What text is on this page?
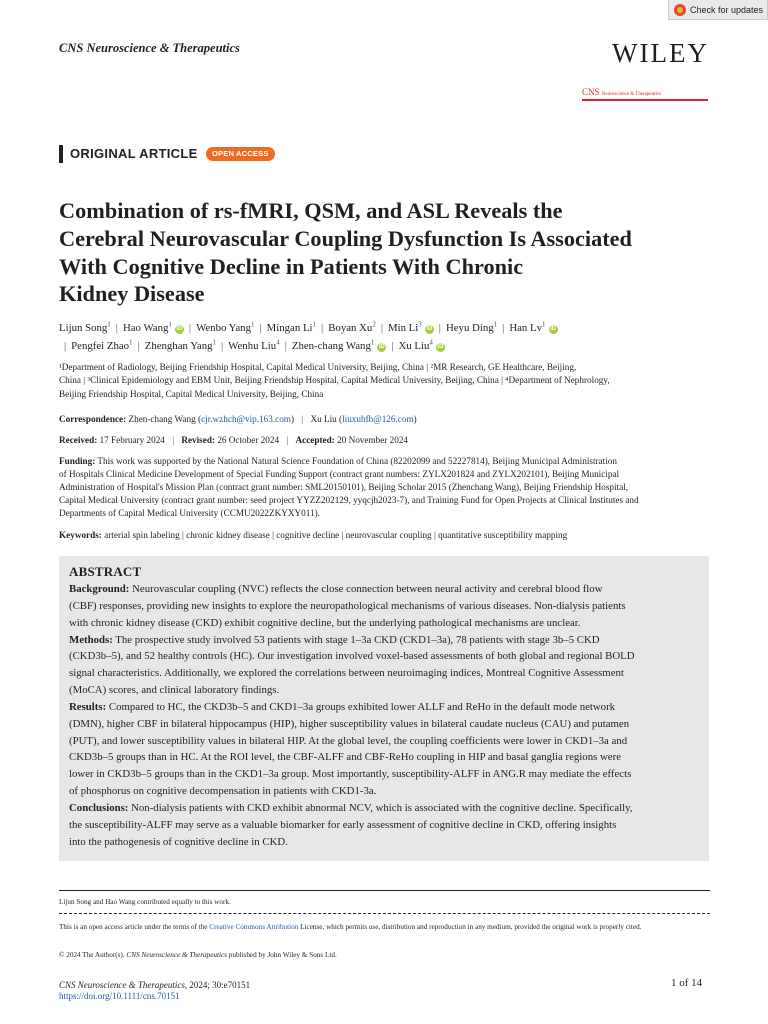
Check for updates
CNS Neuroscience & Therapeutics	WILEY
CNS Neuroscience & Therapeutics
ORIGINAL ARTICLE	OPEN ACCESS
Combination of rs-fMRI, QSM, and ASL Reveals the
Cerebral Neurovascular Coupling Dysfunction Is Associated
With Cognitive Decline in Patients With Chronic
Kidney Disease

Lijun Song$^1$ | Hao Wang$^1$iD | Wenbo Yang$^1$ | Mingan Li$^1$ | Boyan Xu$^2$ | Min Li$^3$iD | Heyu Ding$^1$ | Han Lv$^1$iD
| Pengfei Zhao$^1$ | Zhenghan Yang$^1$ | Wenhu Liu$^4$ | Zhen-chang Wang$^1$iD | Xu Liu$^4$iD

¹Department of Radiology, Beijing Friendship Hospital, Capital Medical University, Beijing, China | ²MR Research, GE Healthcare, Beijing,
China | ³Clinical Epidemiology and EBM Unit, Beijing Friendship Hospital, Capital Medical University, Beijing, China | ⁴Department of Nephrology,
Beijing Friendship Hospital, Capital Medical University, Beijing, China
Correspondence: Zhen-chang Wang (cjr.wzhch@vip.163.com) | Xu Liu (liuxubfh@126.com)
Received: 17 February 2024 | Revised: 26 October 2024 | Accepted: 20 November 2024
Funding: This work was supported by the National Natural Science Foundation of China (82202099 and 52227814), Beijing Municipal Administration
of Hospitals Clinical Medicine Development of Special Funding Support (contract grant numbers: ZYLX201824 and ZYLX202101), Beijing Municipal
Administration of Hospital's Mission Plan (contract grant number: SML20150101), Beijing Scholar 2015 (Zhenchang Wang), Beijing Friendship Hospital,
Capital Medical University (contract grant number: seed project YYZZ202129, yyqcjh2023-7), and Training Fund for Open Projects at Clinical Institutes and
Departments of Capital Medical University (CCMU2022ZKYXY011).
Keywords: arterial spin labeling | chronic kidney disease | cognitive decline | neurovascular coupling | quantitative susceptibility mapping
ABSTRACT
Background: Neurovascular coupling (NVC) reflects the close connection between neural activity and cerebral blood flow
(CBF) responses, providing new insights to explore the neuropathological mechanisms of various diseases. Non-dialysis patients
with chronic kidney disease (CKD) exhibit cognitive decline, but the underlying pathological mechanisms are unclear.
Methods: The prospective study involved 53 patients with stage 1–3a CKD (CKD1–3a), 78 patients with stage 3b–5 CKD
(CKD3b–5), and 52 healthy controls (HC). Our investigation involved voxel-based assessments of both global and regional BOLD
signal characteristics. Additionally, we explored the correlations between neuroimaging indices, Montreal Cognitive Assessment
(MoCA) scores, and clinical laboratory findings.
Results: Compared to HC, the CKD3b–5 and CKD1–3a groups exhibited lower ALLF and ReHo in the default mode network
(DMN), higher CBF in bilateral hippocampus (HIP), higher susceptibility values in bilateral caudate nucleus (CAU) and putamen
(PUT), and lower susceptibility values in bilateral HIP. At the global level, the coupling coefficients were lower in CKD1–3a and
CKD3b–5 groups than in HC. At the ROI level, the CBF-ALFF and CBF-ReHo coupling in HIP and basal ganglia regions were
lower in CKD3b–5 groups than in the CKD1–3a group. Most importantly, susceptibility-ALFF in ANG.R may mediate the effects
of phosphorus on cognitive decompensation in patients with CKD1-3a.
Conclusions: Non-dialysis patients with CKD exhibit abnormal NCV, which is associated with the cognitive decline. Specifically,
the susceptibility-ALFF may serve as a valuable biomarker for early assessment of cognitive decline in CKD, offering insights
into the pathogenesis of cognitive decline in CKD.
Lijun Song and Hao Wang contributed equally to this work.
This is an open access article under the terms of the Creative Commons Attribution License, which permits use, distribution and reproduction in any medium, provided the original work is properly cited.
© 2024 The Author(s). CNS Neuroscience & Therapeutics published by John Wiley & Sons Ltd.
CNS Neuroscience & Therapeutics, 2024; 30:e70151
https://doi.org/10.1111/cns.70151
1 of 14
